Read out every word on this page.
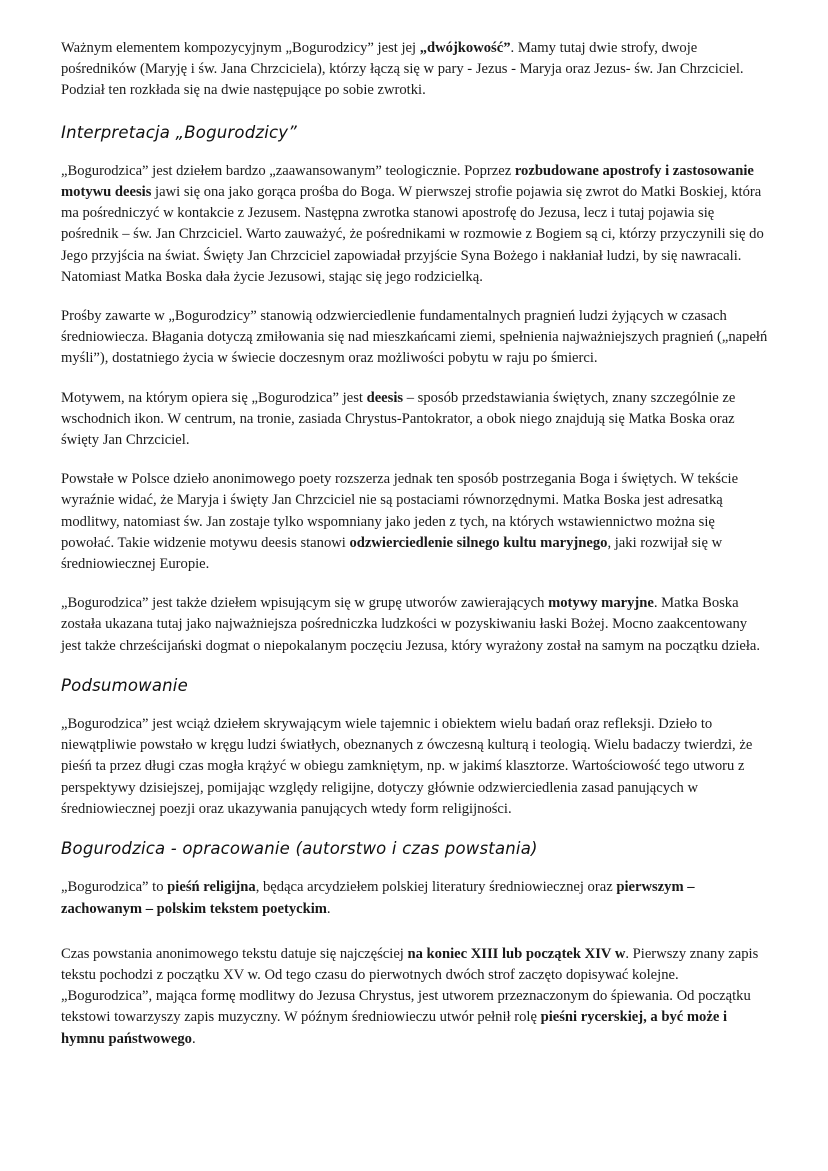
Ważnym elementem kompozycyjnym „Bogurodzicy” jest jej „dwójkowość”. Mamy tutaj dwie strofy, dwoje pośredników (Maryję i św. Jana Chrzciciela), którzy łączą się w pary - Jezus - Maryja oraz Jezus- św. Jan Chrzciciel. Podział ten rozkłada się na dwie następujące po sobie zwrotki.

Interpretacja „Bogurodzicy”

„Bogurodzica” jest dziełem bardzo „zaawansowanym” teologicznie. Poprzez rozbudowane apostrofy i zastosowanie motywu deesis jawi się ona jako gorąca prośba do Boga. W pierwszej strofie pojawia się zwrot do Matki Boskiej, która ma pośredniczyć w kontakcie z Jezusem. Następna zwrotka stanowi apostrofę do Jezusa, lecz i tutaj pojawia się pośrednik – św. Jan Chrzciciel. Warto zauważyć, że pośrednikami w rozmowie z Bogiem są ci, którzy przyczynili się do Jego przyjścia na świat. Święty Jan Chrzciciel zapowiadał przyjście Syna Bożego i nakłaniał ludzi, by się nawracali. Natomiast Matka Boska dała życie Jezusowi, stając się jego rodzicielką.

Prośby zawarte w „Bogurodzicy” stanowią odzwierciedlenie fundamentalnych pragnień ludzi żyjących w czasach średniowiecza. Błagania dotyczą zmiłowania się nad mieszkańcami ziemi, spełnienia najważniejszych pragnień („napełń myśli”), dostatniego życia w świecie doczesnym oraz możliwości pobytu w raju po śmierci.

Motywem, na którym opiera się „Bogurodzica” jest deesis – sposób przedstawiania świętych, znany szczególnie ze wschodnich ikon. W centrum, na tronie, zasiada Chrystus-Pantokrator, a obok niego znajdują się Matka Boska oraz święty Jan Chrzciciel.

Powstałe w Polsce dzieło anonimowego poety rozszerza jednak ten sposób postrzegania Boga i świętych. W tekście wyraźnie widać, że Maryja i święty Jan Chrzciciel nie są postaciami równorzędnymi. Matka Boska jest adresatką modlitwy, natomiast św. Jan zostaje tylko wspomniany jako jeden z tych, na których wstawiennictwo można się powołać. Takie widzenie motywu deesis stanowi odzwierciedlenie silnego kultu maryjnego, jaki rozwijał się w średniowiecznej Europie.

„Bogurodzica” jest także dziełem wpisującym się w grupę utworów zawierających motywy maryjne. Matka Boska została ukazana tutaj jako najważniejsza pośredniczka ludzkości w pozyskiwaniu łaski Bożej. Mocno zaakcentowany jest także chrześcijański dogmat o niepokalanym poczęciu Jezusa, który wyrażony został na samym na początku dzieła.

Podsumowanie

„Bogurodzica” jest wciąż dziełem skrywającym wiele tajemnic i obiektem wielu badań oraz refleksji. Dzieło to niewątpliwie powstało w kręgu ludzi światłych, obeznanych z ówczesną kulturą i teologią. Wielu badaczy twierdzi, że pieśń ta przez długi czas mogła krążyć w obiegu zamkniętym, np. w jakimś klasztorze. Wartościowość tego utworu z perspektywy dzisiejszej, pomijając względy religijne, dotyczy głównie odzwierciedlenia zasad panujących w średniowiecznej poezji oraz ukazywania panujących wtedy form religijności.

Bogurodzica - opracowanie (autorstwo i czas powstania)

„Bogurodzica” to pieśń religijna, będąca arcydziełem polskiej literatury średniowiecznej oraz pierwszym – zachowanym – polskim tekstem poetyckim.

Czas powstania anonimowego tekstu datuje się najczęściej na koniec XIII lub początek XIV w. Pierwszy znany zapis tekstu pochodzi z początku XV w. Od tego czasu do pierwotnych dwóch strof zaczęto dopisywać kolejne. „Bogurodzica”, mająca formę modlitwy do Jezusa Chrystus, jest utworem przeznaczonym do śpiewania. Od początku tekstowi towarzyszy zapis muzyczny. W późnym średniowieczu utwór pełnił rolę pieśni rycerskiej, a być może i hymnu państwowego.
